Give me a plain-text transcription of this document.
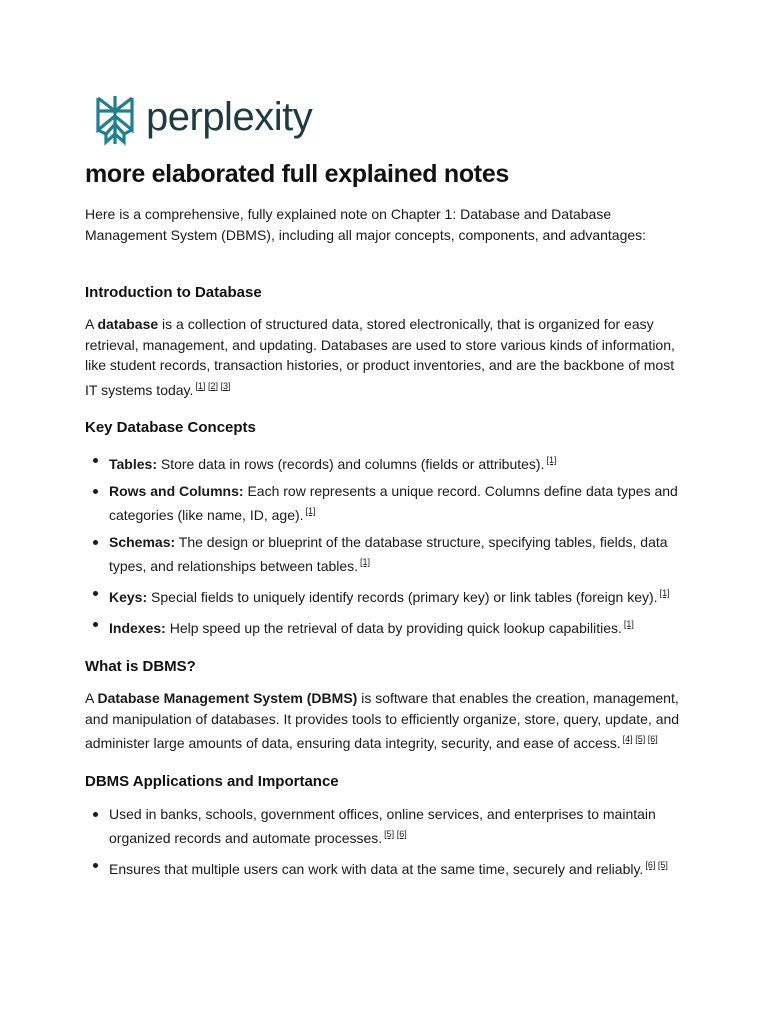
perplexity
more elaborated full explained notes

Here is a comprehensive, fully explained note on Chapter 1: Database and Database Management System (DBMS), including all major concepts, components, and advantages:

Introduction to Database

A database is a collection of structured data, stored electronically, that is organized for easy retrieval, management, and updating. Databases are used to store various kinds of information, like student records, transaction histories, or product inventories, and are the backbone of most IT systems today. [1] [2] [3]

Key Database Concepts
Tables: Store data in rows (records) and columns (fields or attributes). [1]
Rows and Columns: Each row represents a unique record. Columns define data types and categories (like name, ID, age). [1]
Schemas: The design or blueprint of the database structure, specifying tables, fields, data types, and relationships between tables. [1]
Keys: Special fields to uniquely identify records (primary key) or link tables (foreign key). [1]
Indexes: Help speed up the retrieval of data by providing quick lookup capabilities. [1]
What is DBMS?

A Database Management System (DBMS) is software that enables the creation, management, and manipulation of databases. It provides tools to efficiently organize, store, query, update, and administer large amounts of data, ensuring data integrity, security, and ease of access. [4] [5] [6]

DBMS Applications and Importance
Used in banks, schools, government offices, online services, and enterprises to maintain organized records and automate processes. [5] [6]
Ensures that multiple users can work with data at the same time, securely and reliably. [6] [5]
